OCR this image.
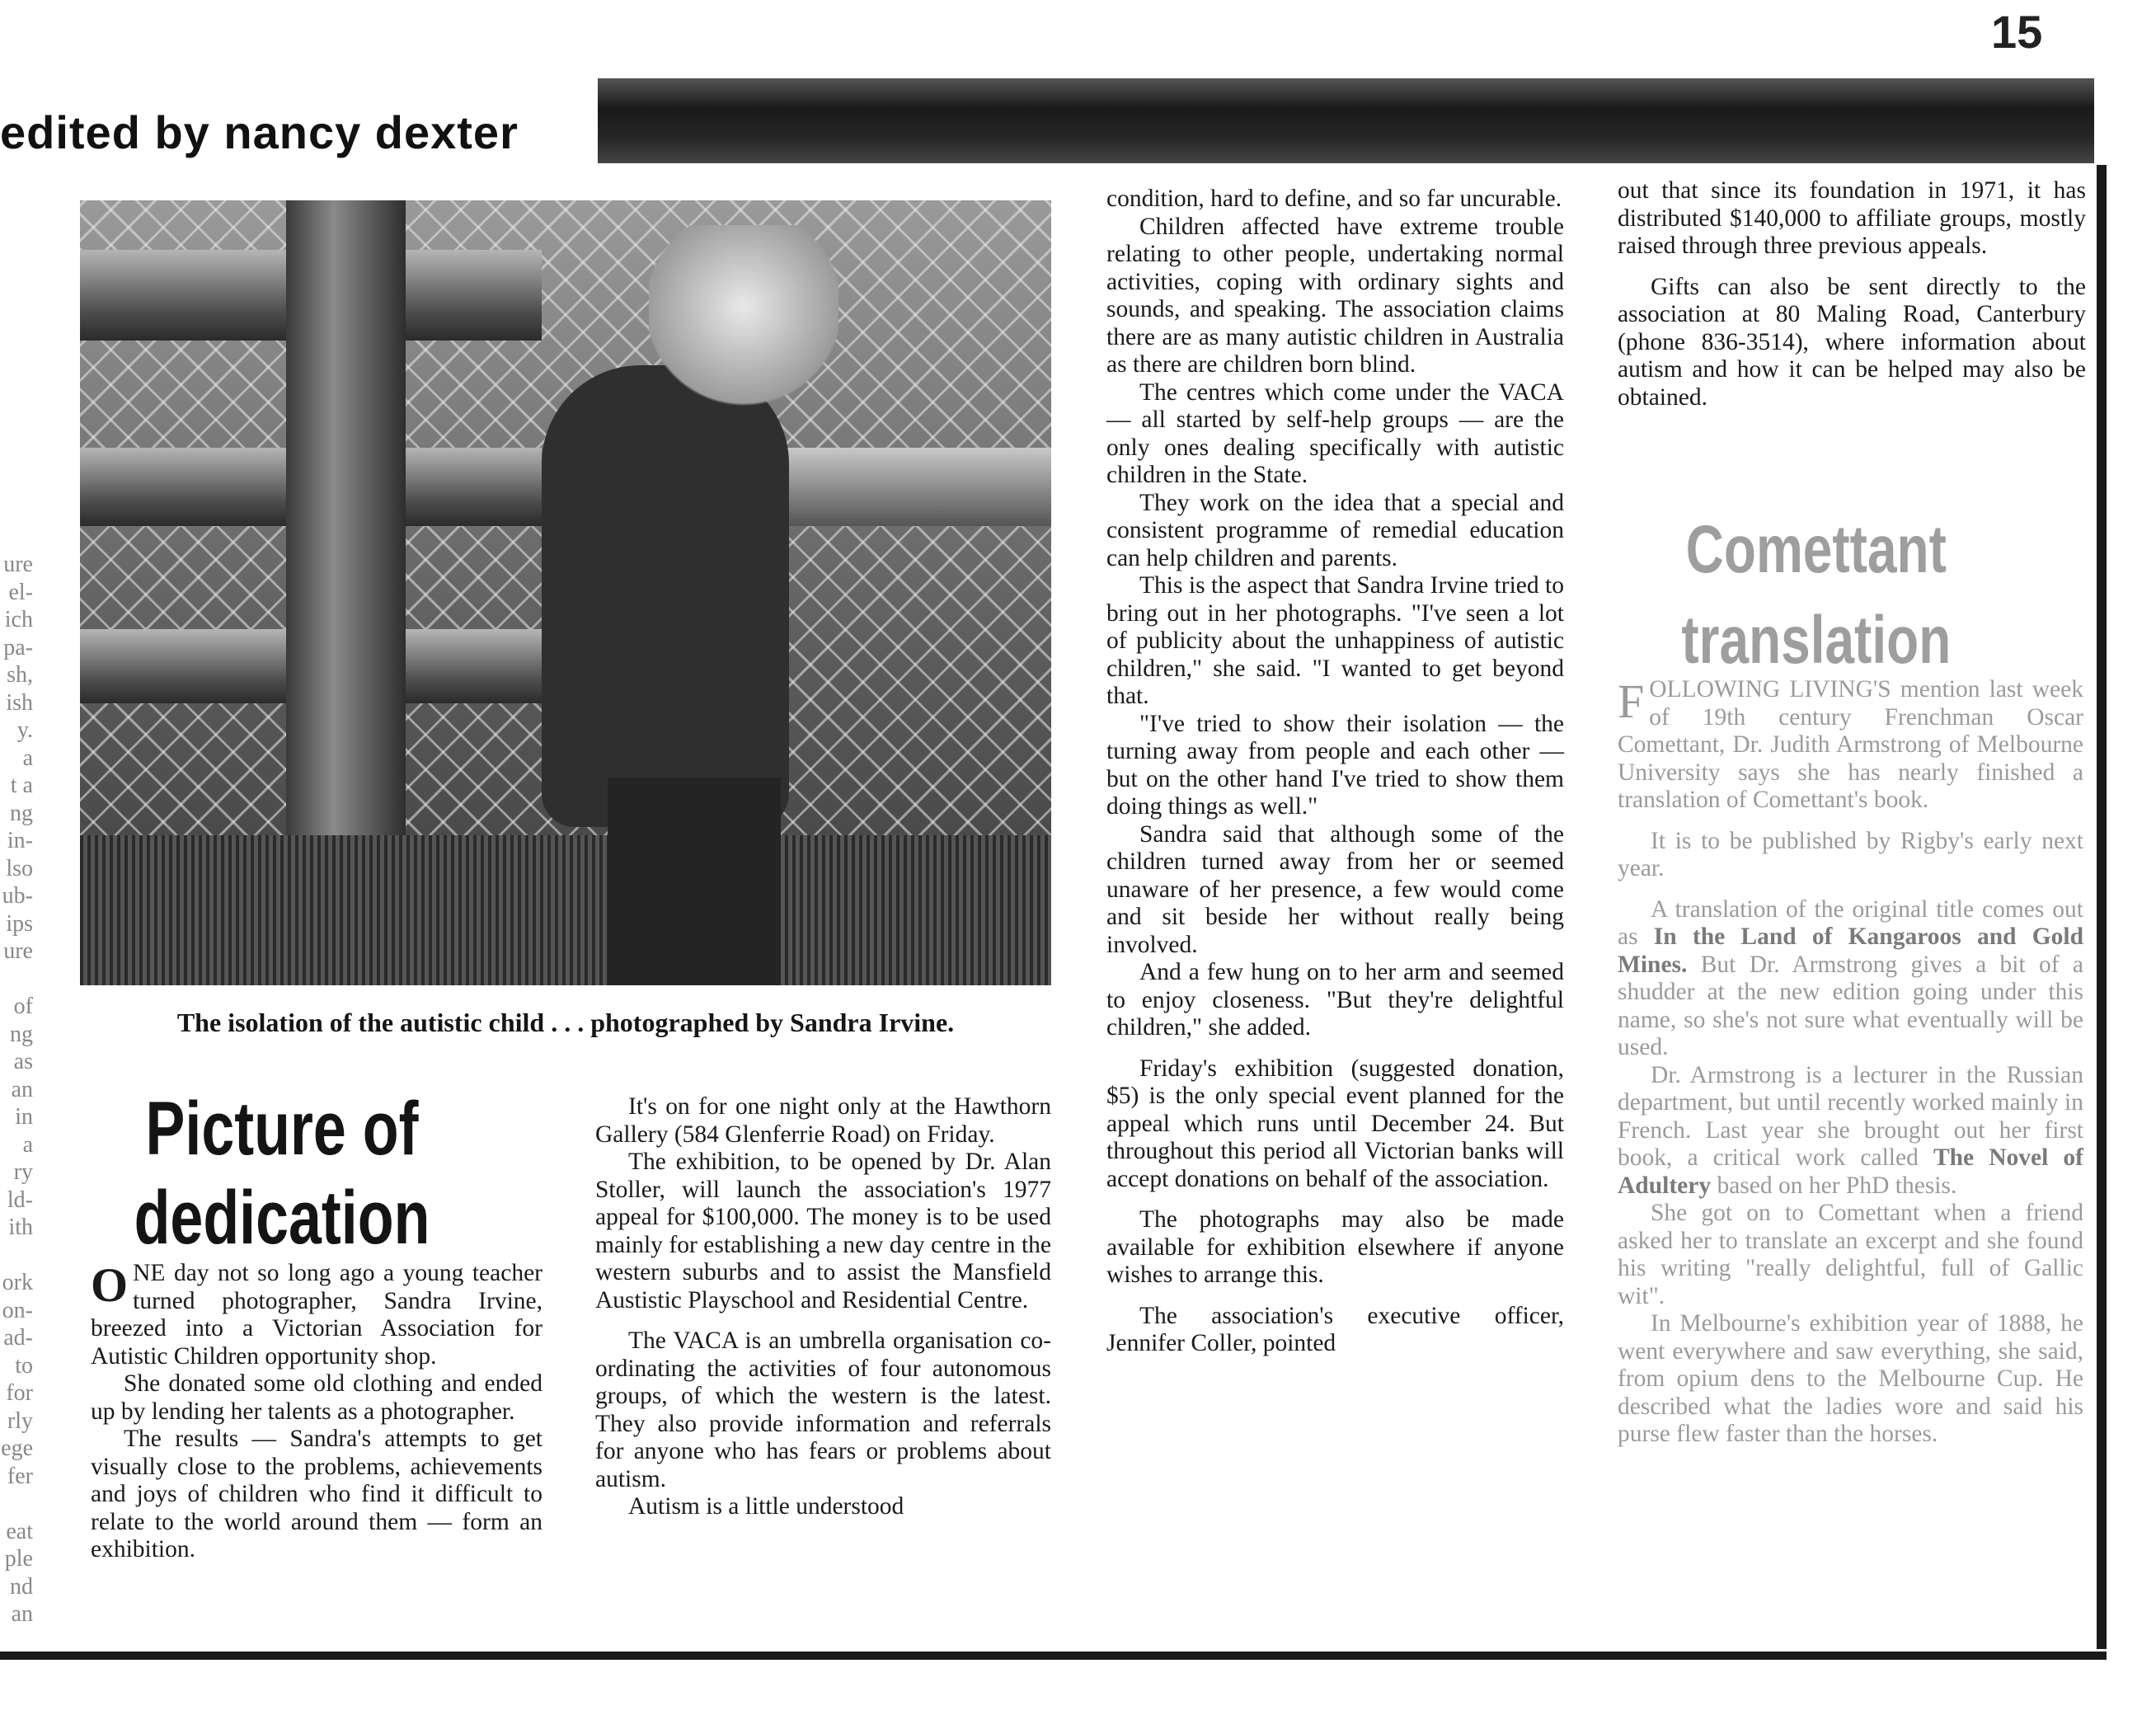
15
edited by nancy dexter
ure
el-
ich
pa-
sh,
ish
y.
a
t a
ng
in-
lso
ub-
ips
ure
of
ng
as
an
in
a
ry
ld-
ith
ork
on-
ad-
to
for
rly
ege
fer
eat
ple
nd
an
The isolation of the autistic child . . . photographed by Sandra Irvine.
Picture of dedication

ONE day not so long ago a young teacher turned photographer, Sandra Irvine, breezed into a Victorian Association for Autistic Children opportunity shop.

She donated some old clothing and ended up by lending her talents as a photographer.

The results — Sandra's attempts to get visually close to the problems, achievements and joys of children who find it difficult to relate to the world around them — form an exhibition.

It's on for one night only at the Hawthorn Gallery (584 Glenferrie Road) on Friday.

The exhibition, to be opened by Dr. Alan Stoller, will launch the association's 1977 appeal for $100,000. The money is to be used mainly for establishing a new day centre in the western suburbs and to assist the Mansfield Austistic Playschool and Residential Centre.

The VACA is an umbrella organisation co-ordinating the activities of four autonomous groups, of which the western is the latest. They also provide information and referrals for anyone who has fears or problems about autism.

Autism is a little understood

condition, hard to define, and so far uncurable.

Children affected have extreme trouble relating to other people, undertaking normal activities, coping with ordinary sights and sounds, and speaking. The association claims there are as many autistic children in Australia as there are children born blind.

The centres which come under the VACA — all started by self-help groups — are the only ones dealing specifically with autistic children in the State.

They work on the idea that a special and consistent programme of remedial education can help children and parents.

This is the aspect that Sandra Irvine tried to bring out in her photographs. "I've seen a lot of publicity about the unhappiness of autistic children," she said. "I wanted to get beyond that.

"I've tried to show their isolation — the turning away from people and each other — but on the other hand I've tried to show them doing things as well."

Sandra said that although some of the children turned away from her or seemed unaware of her presence, a few would come and sit beside her without really being involved.

And a few hung on to her arm and seemed to enjoy closeness. "But they're delightful children," she added.

Friday's exhibition (suggested donation, $5) is the only special event planned for the appeal which runs until December 24. But throughout this period all Victorian banks will accept donations on behalf of the association.

The photographs may also be made available for exhibition elsewhere if anyone wishes to arrange this.

The association's executive officer, Jennifer Coller, pointed

out that since its foundation in 1971, it has distributed $140,000 to affiliate groups, mostly raised through three previous appeals.

Gifts can also be sent directly to the association at 80 Maling Road, Canterbury (phone 836-3514), where information about autism and how it can be helped may also be obtained.

Comettant translation

FOLLOWING LIVING'S mention last week of 19th century Frenchman Oscar Comettant, Dr. Judith Armstrong of Melbourne University says she has nearly finished a translation of Comettant's book.

It is to be published by Rigby's early next year.

A translation of the original title comes out as In the Land of Kangaroos and Gold Mines. But Dr. Armstrong gives a bit of a shudder at the new edition going under this name, so she's not sure what eventually will be used.

Dr. Armstrong is a lecturer in the Russian department, but until recently worked mainly in French. Last year she brought out her first book, a critical work called The Novel of Adultery based on her PhD thesis.

She got on to Comettant when a friend asked her to translate an excerpt and she found his writing "really delightful, full of Gallic wit".

In Melbourne's exhibition year of 1888, he went everywhere and saw everything, she said, from opium dens to the Melbourne Cup. He described what the ladies wore and said his purse flew faster than the horses.
